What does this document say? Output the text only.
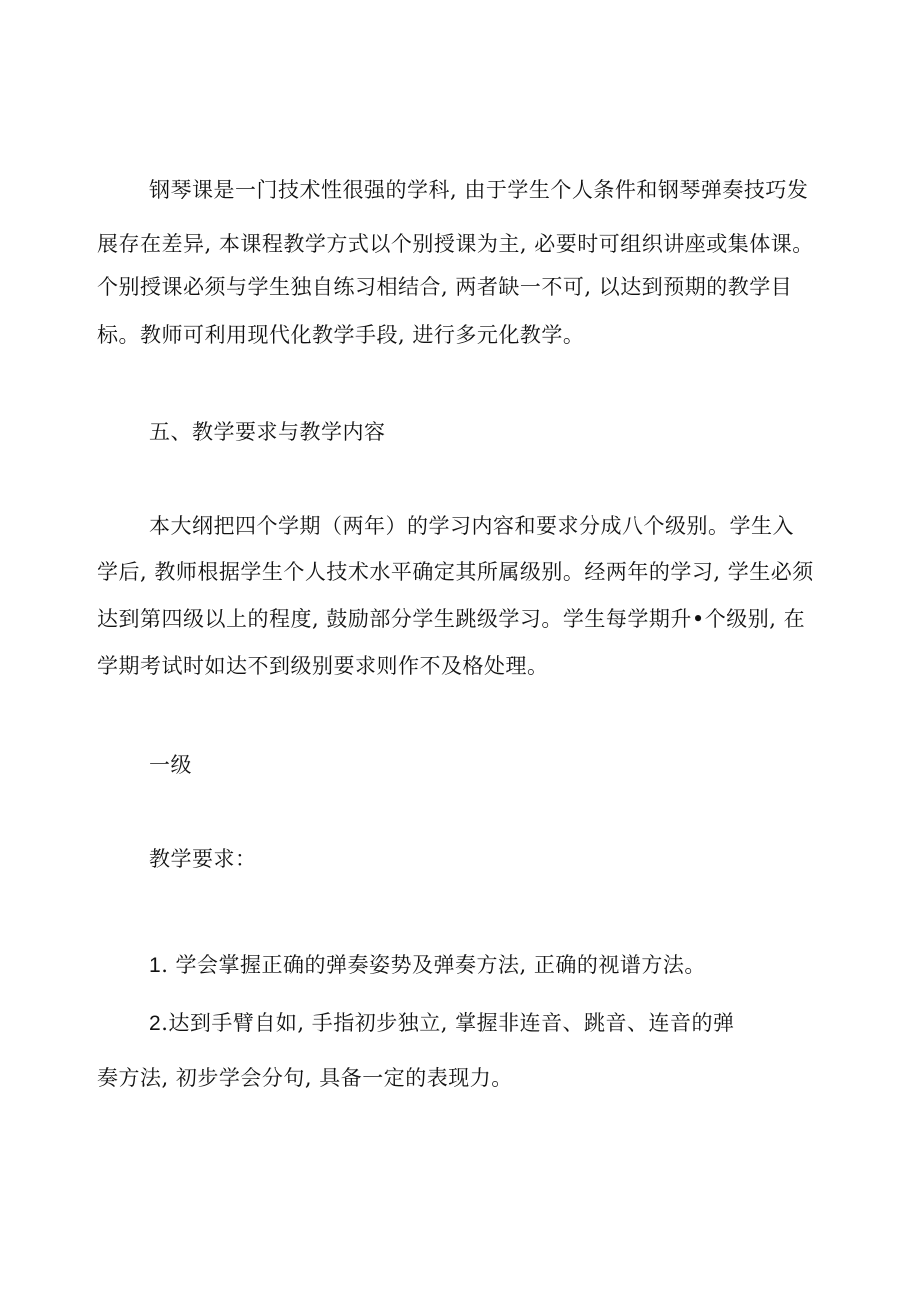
钢琴课是一门技术性很强的学科, 由于学生个人条件和钢琴弹奏技巧发
展存在差异, 本课程教学方式以个别授课为主, 必要时可组织讲座或集体课。
个别授课必须与学生独自练习相结合, 两者缺一不可, 以达到预期的教学目
标。教师可利用现代化教学手段, 进行多元化教学。
五、教学要求与教学内容
本大纲把四个学期（两年）的学习内容和要求分成八个级别。学生入
学后, 教师根据学生个人技术水平确定其所属级别。经两年的学习, 学生必须
达到第四级以上的程度, 鼓励部分学生跳级学习。学生每学期升•个级别, 在
学期考试时如达不到级别要求则作不及格处理。
一级
教学要求：
1. 学会掌握正确的弹奏姿势及弹奏方法, 正确的视谱方法。
2.达到手臂自如, 手指初步独立, 掌握非连音、跳音、连音的弹
奏方法, 初步学会分句, 具备一定的表现力。
